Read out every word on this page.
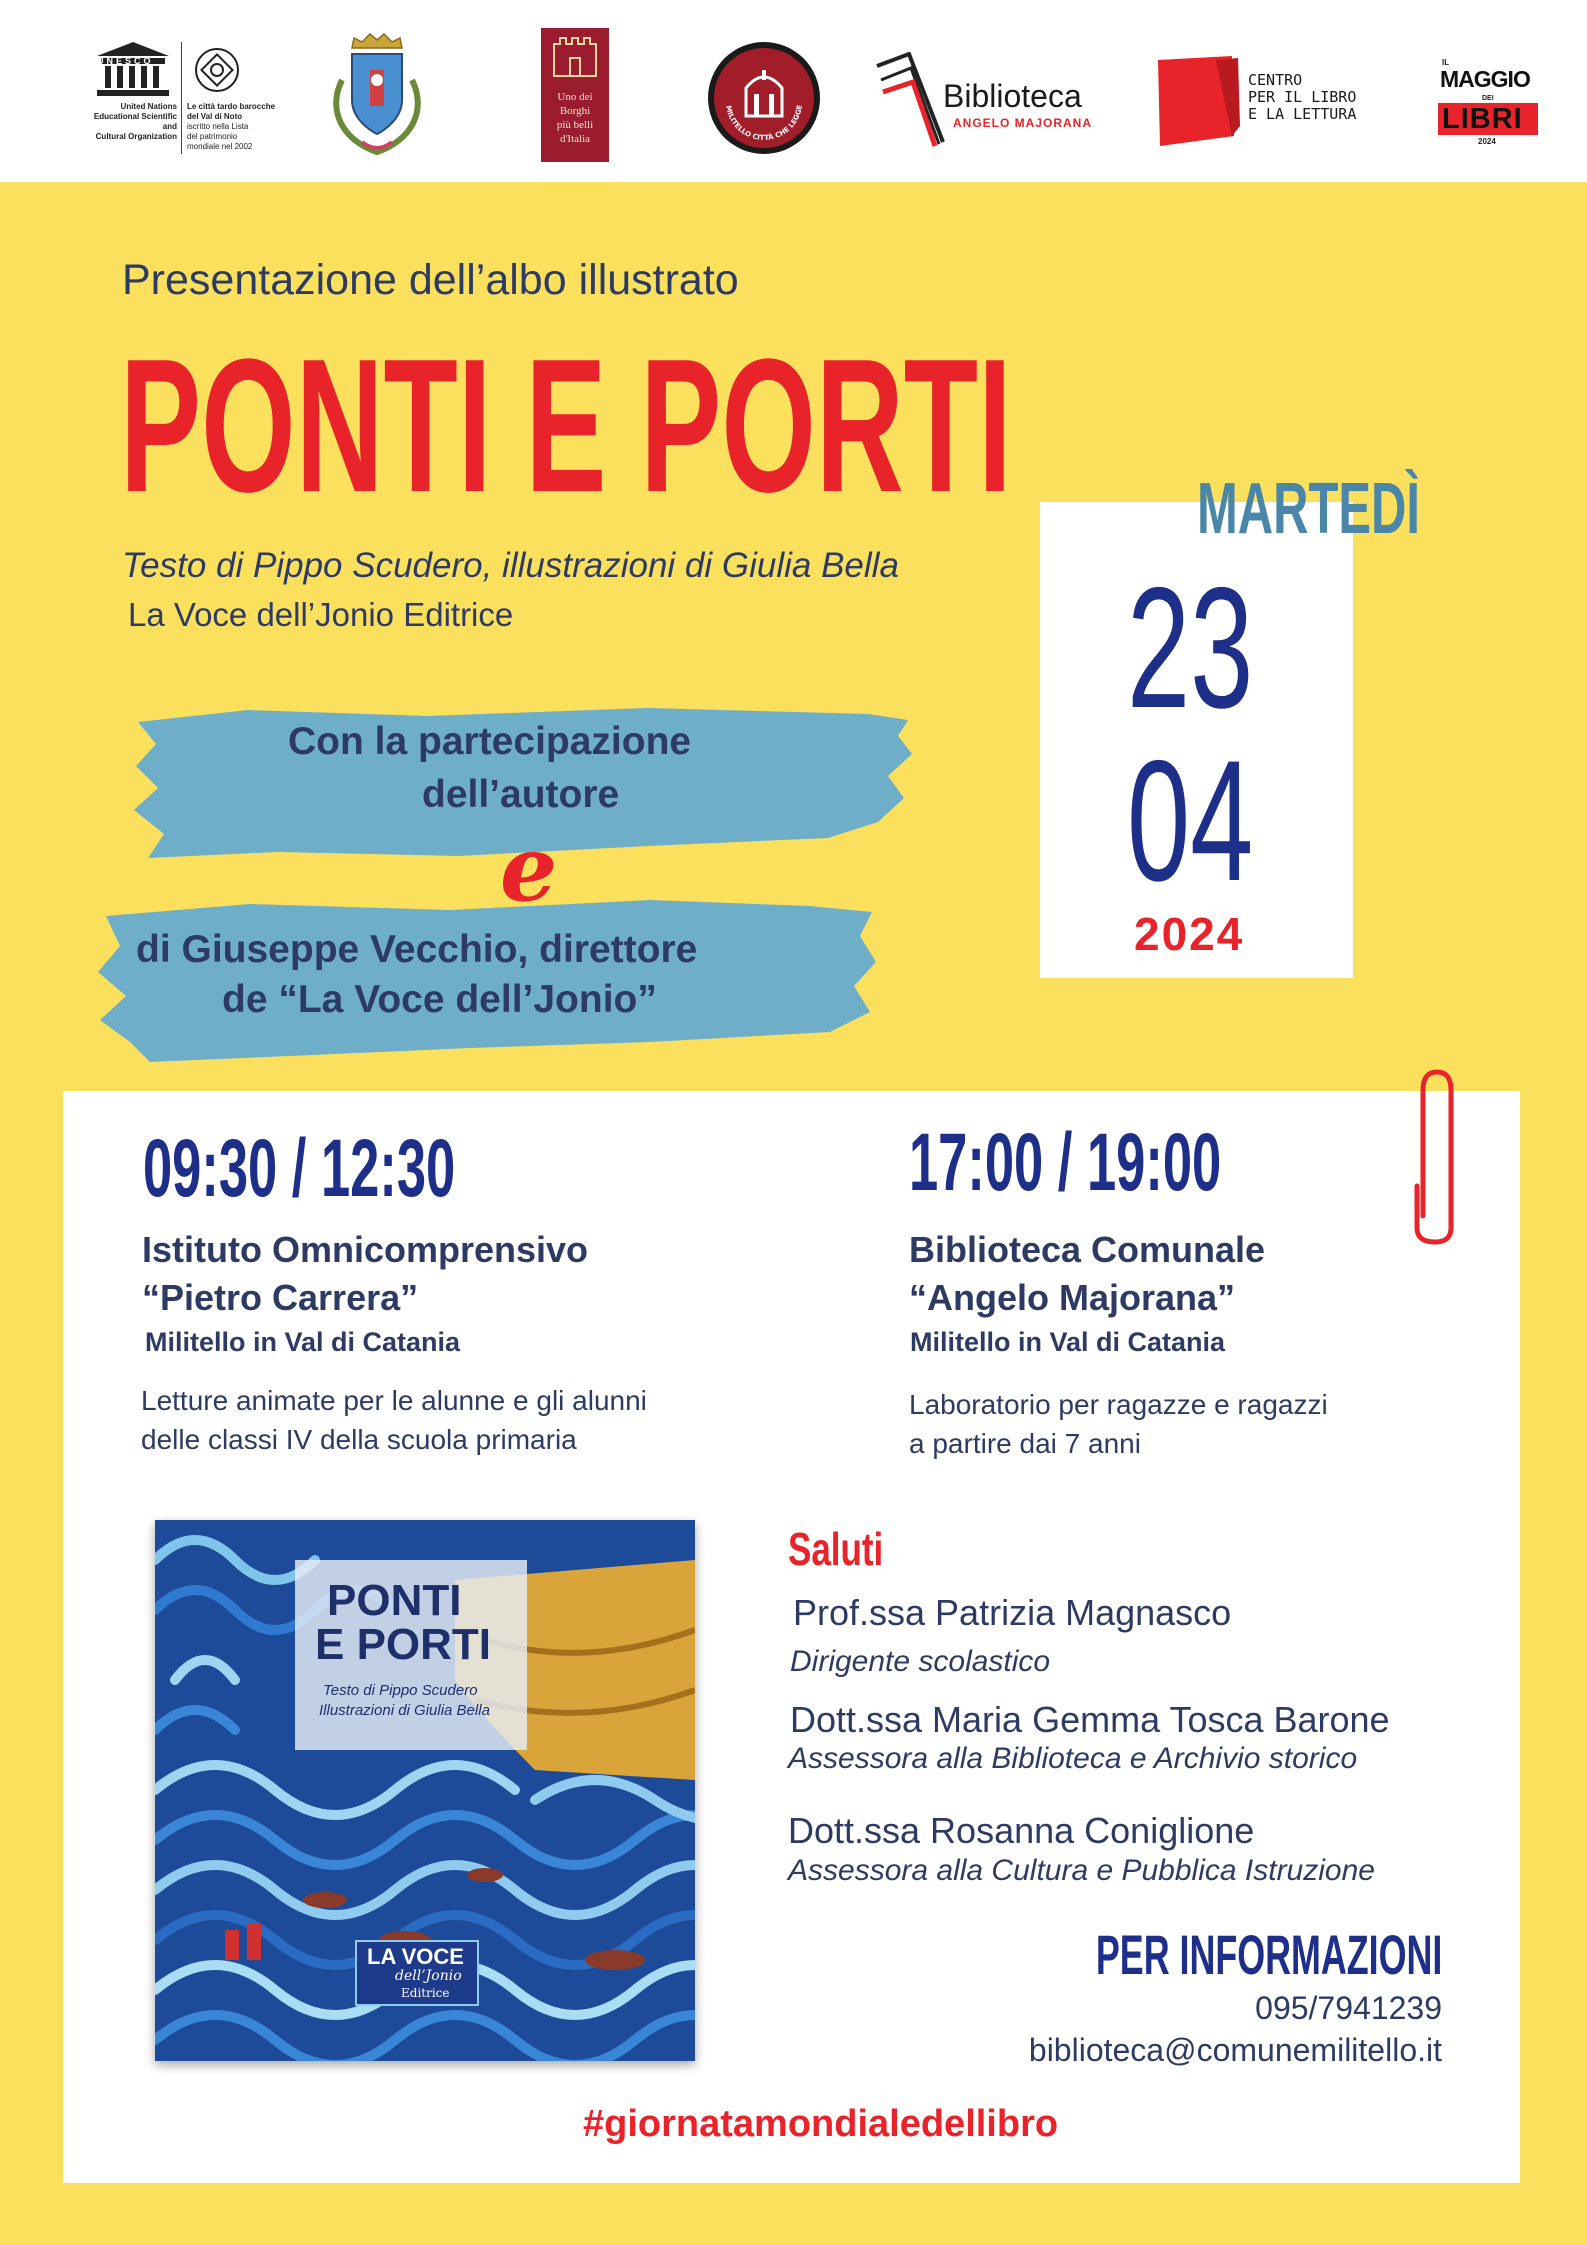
UNESCO
United Nations
Educational Scientific and
Cultural Organization
Le città tardo barocche
del Val di Noto
iscritto nella Lista
del patrimonio
mondiale nel 2002
Uno dei
Borghi
più belli
d'Italia
MILITELLO CITTÀ CHE LEGGE	Biblioteca
ANGELO MAJORANA
CENTRO
PER IL LIBRO
E LA LETTURA
IL
MAGGIO
DEI
LIBRI
2024
Presentazione dell’albo illustrato
PONTI E PORTI
Testo di Pippo Scudero, illustrazioni di Giulia Bella
La Voce dell’Jonio Editrice
Con la partecipazione
dell’autore
e
di Giuseppe Vecchio, direttore
de “La Voce dell’Jonio”
MARTEDÌ
23
04
2024
09:30 / 12:30
Istituto Omnicomprensivo
“Pietro Carrera”
Militello in Val di Catania
Letture animate per le alunne e gli alunni
delle classi IV della scuola primaria
17:00 / 19:00
Biblioteca Comunale
“Angelo Majorana”
Militello in Val di Catania
Laboratorio per ragazze e ragazzi
a partire dai 7 anni
PONTI
E PORTI
Testo di Pippo Scudero
Illustrazioni di Giulia Bella
LA VOCE
dell’Jonio
Editrice
Saluti
Prof.ssa Patrizia Magnasco
Dirigente scolastico
Dott.ssa Maria Gemma Tosca Barone
Assessora alla Biblioteca e Archivio storico
Dott.ssa Rosanna Coniglione
Assessora alla Cultura e Pubblica Istruzione
PER INFORMAZIONI
095/7941239
biblioteca@comunemilitello.it
#giornatamondialedellibro
